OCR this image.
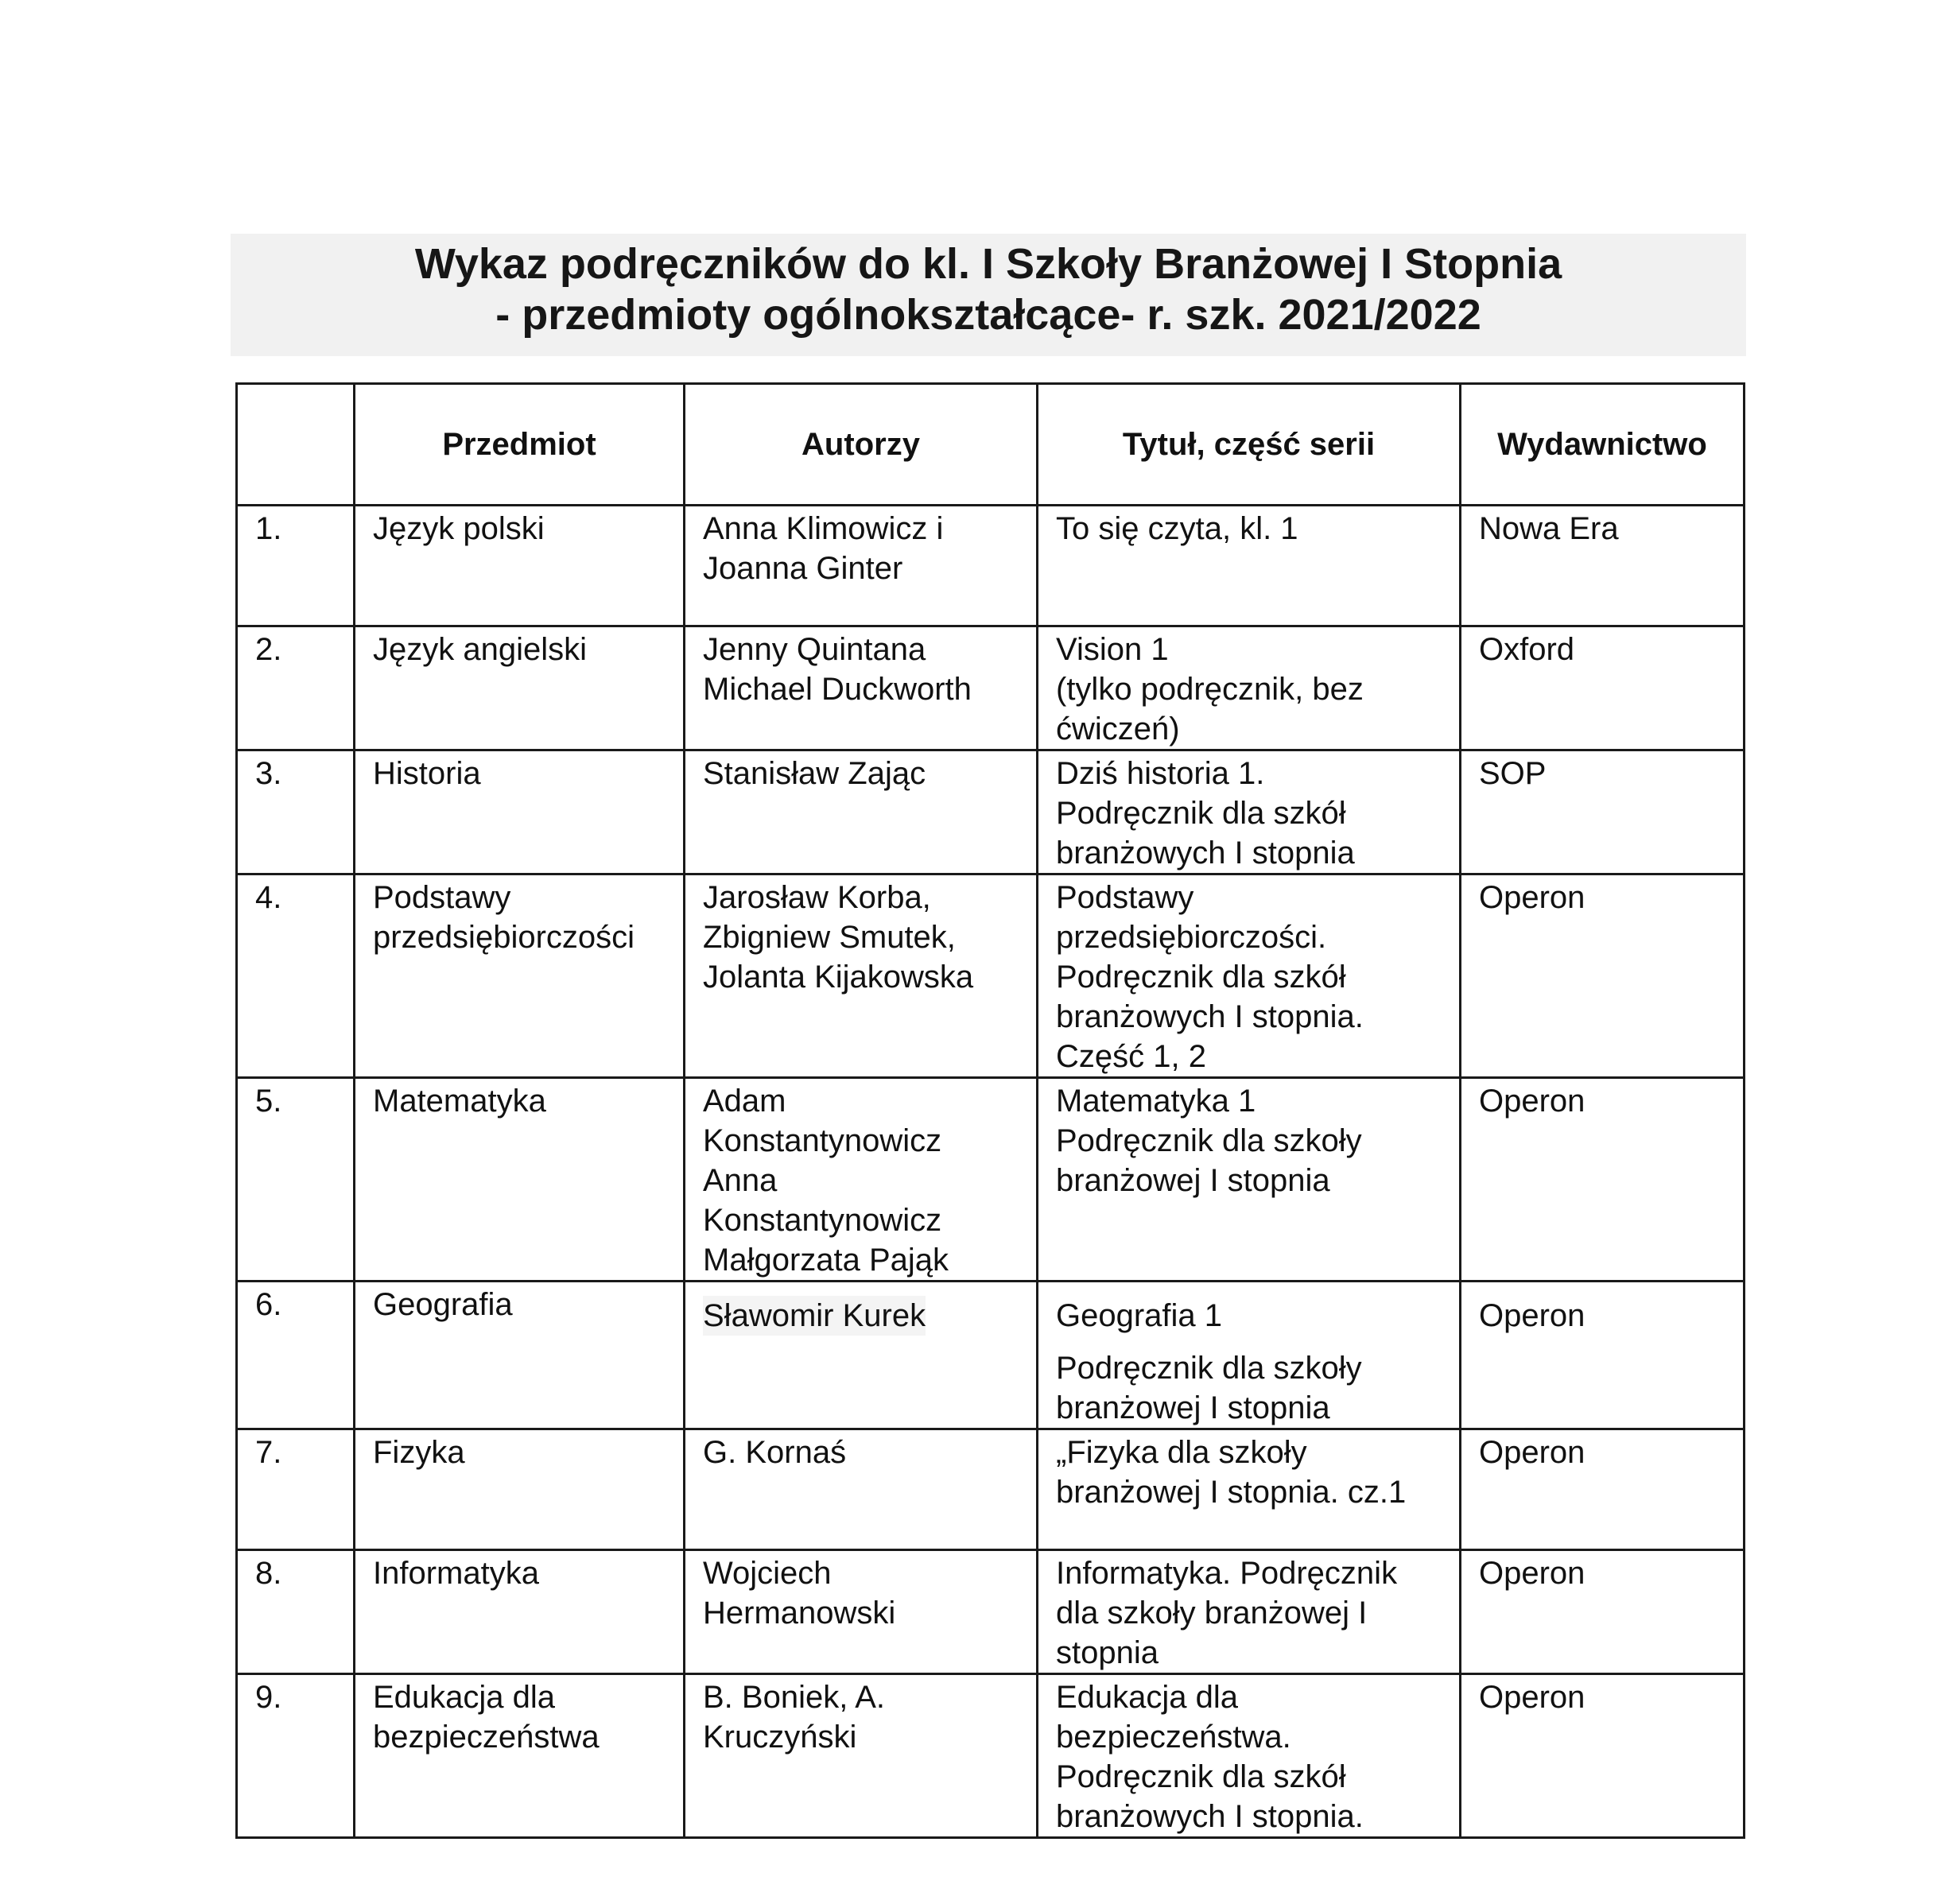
Wykaz podręczników do kl. I Szkoły Branżowej I Stopnia
- przedmioty ogólnokształcące- r. szk. 2021/2022
	Przedmiot	Autorzy	Tytuł, część serii	Wydawnictwo
1.	Język polski	Anna Klimowicz i
Joanna Ginter	To się czyta, kl. 1	Nowa Era
2.	Język angielski	Jenny Quintana
Michael Duckworth	Vision 1
(tylko podręcznik, bez
ćwiczeń)	Oxford
3.	Historia	Stanisław Zając	Dziś historia 1.
Podręcznik dla szkół
branżowych I stopnia	SOP
4.	Podstawy
przedsiębiorczości	Jarosław Korba,
Zbigniew Smutek,
Jolanta Kijakowska	Podstawy
przedsiębiorczości.
Podręcznik dla szkół
branżowych I stopnia.
Część 1, 2	Operon
5.	Matematyka	Adam
Konstantynowicz
Anna
Konstantynowicz
Małgorzata Pająk	Matematyka 1
Podręcznik dla szkoły
branżowej I stopnia	Operon
6.	Geografia	Sławomir Kurek	Geografia 1
Podręcznik dla szkoły
branżowej I stopnia	Operon
7.	Fizyka	G. Kornaś	„Fizyka dla szkoły
branżowej I stopnia. cz.1	Operon
8.	Informatyka	Wojciech
Hermanowski	Informatyka. Podręcznik
dla szkoły branżowej I
stopnia	Operon
9.	Edukacja dla
bezpieczeństwa	B. Boniek, A.
Kruczyński	Edukacja dla
bezpieczeństwa.
Podręcznik dla szkół
branżowych I stopnia.	Operon
